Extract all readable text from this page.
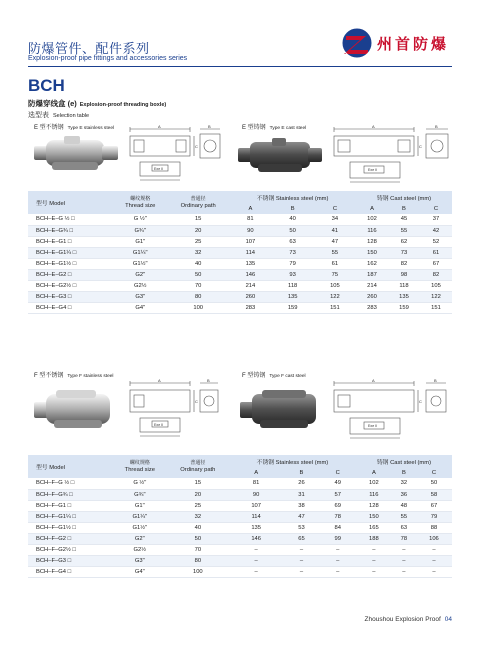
防爆管件、配件系列
Explosion-proof pipe fittings and accessories series
州首防爆
BCH
防爆穿线盒 (e) Explosion-proof threading boxle)
选型表 Selection table
E 型不锈钢 Type E stainless steel	A	B
C
Exe II
E 型铸钢 Type E cast steel	A	B
C
Exe II
型号 Model	螺纹规格
Thread size	普通径
Ordinary path	不锈钢 Stainless steel (mm)			铸钢 Cast steel (mm)		
			A	B	C	A	B	C
BCH–E–G ½ □	G ½"	15	81	40	34	102	45	37
BCH–E–G¾ □	G¾"	20	90	50	41	116	55	42
BCH–E–G1 □	G1"	25	107	63	47	128	62	52
BCH–E–G1¼ □	G1¼"	32	114	73	55	150	73	61
BCH–E–G1½ □	G1½"	40	135	79	61	162	82	67
BCH–E–G2 □	G2"	50	146	93	75	187	98	82
BCH–E–G2½ □	G2½	70	214	118	105	214	118	105
BCH–E–G3 □	G3"	80	260	135	122	260	135	122
BCH–E–G4 □	G4"	100	283	159	151	283	159	151
F 型不锈钢 Type F stainless steel
A	B
C
Exe II
F 型铸钢 Type F cast steel
A	B
C
Exe II
型号 Model	螺纹规格
Thread size	普通径
Ordinary path	不锈钢 Stainless steel (mm)			铸钢 Cast steel (mm)		
			A	B	C	A	B	C
BCH–F–G ½ □	G ½"	15	81	26	49	102	32	50
BCH–F–G¾ □	G¾"	20	90	31	57	116	36	58
BCH–F–G1 □	G1"	25	107	38	69	128	48	67
BCH–F–G1¼ □	G1¼"	32	114	47	78	150	55	79
BCH–F–G1½ □	G1½"	40	135	53	84	165	63	88
BCH–F–G2 □	G2"	50	146	65	99	188	78	106
BCH–F–G2½ □	G2½	70	–	–	–	–	–	–
BCH–F–G3 □	G3"	80	–	–	–	–	–	–
BCH–F–G4 □	G4"	100	–	–	–	–	–	–
Zhoushou Explosion Proof 04
